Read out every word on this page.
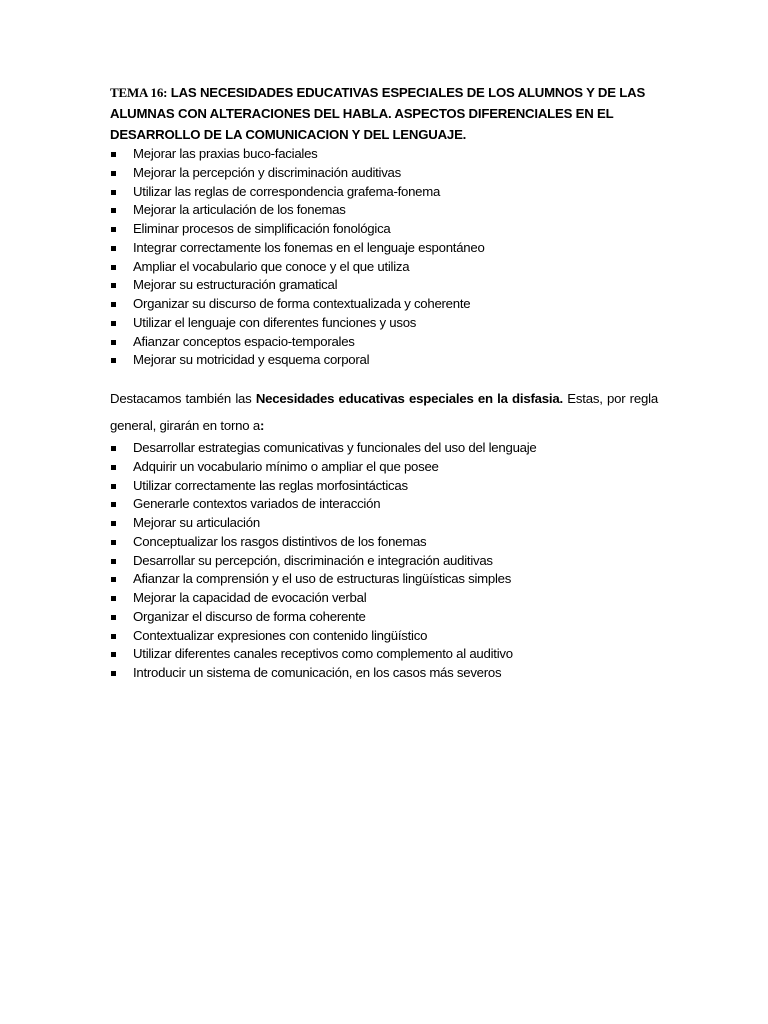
TEMA 16: LAS NECESIDADES EDUCATIVAS ESPECIALES DE LOS ALUMNOS Y DE LAS ALUMNAS CON ALTERACIONES DEL HABLA. ASPECTOS DIFERENCIALES EN EL DESARROLLO DE LA COMUNICACION Y DEL LENGUAJE.

Mejorar las praxias buco-faciales
Mejorar la percepción y discriminación auditivas
Utilizar las reglas de correspondencia grafema-fonema
Mejorar la articulación de los fonemas
Eliminar procesos de simplificación fonológica
Integrar correctamente los fonemas en el lenguaje espontáneo
Ampliar el vocabulario que conoce y el que utiliza
Mejorar su estructuración gramatical
Organizar su discurso de forma contextualizada y coherente
Utilizar el lenguaje con diferentes funciones y usos
Afianzar conceptos espacio-temporales
Mejorar su motricidad y esquema corporal

Destacamos también las Necesidades educativas especiales en la disfasia. Estas, por regla general, girarán en torno a:

Desarrollar estrategias comunicativas y funcionales del uso del lenguaje
Adquirir un vocabulario mínimo o ampliar el que posee
Utilizar correctamente las reglas morfosintácticas
Generarle contextos variados de interacción
Mejorar su articulación
Conceptualizar los rasgos distintivos de los fonemas
Desarrollar su percepción, discriminación e integración auditivas
Afianzar la comprensión y el uso de estructuras lingüísticas simples
Mejorar la capacidad de evocación verbal
Organizar el discurso de forma coherente
Contextualizar expresiones con contenido lingüístico
Utilizar diferentes canales receptivos como complemento al auditivo
Introducir un sistema de comunicación, en los casos más severos
